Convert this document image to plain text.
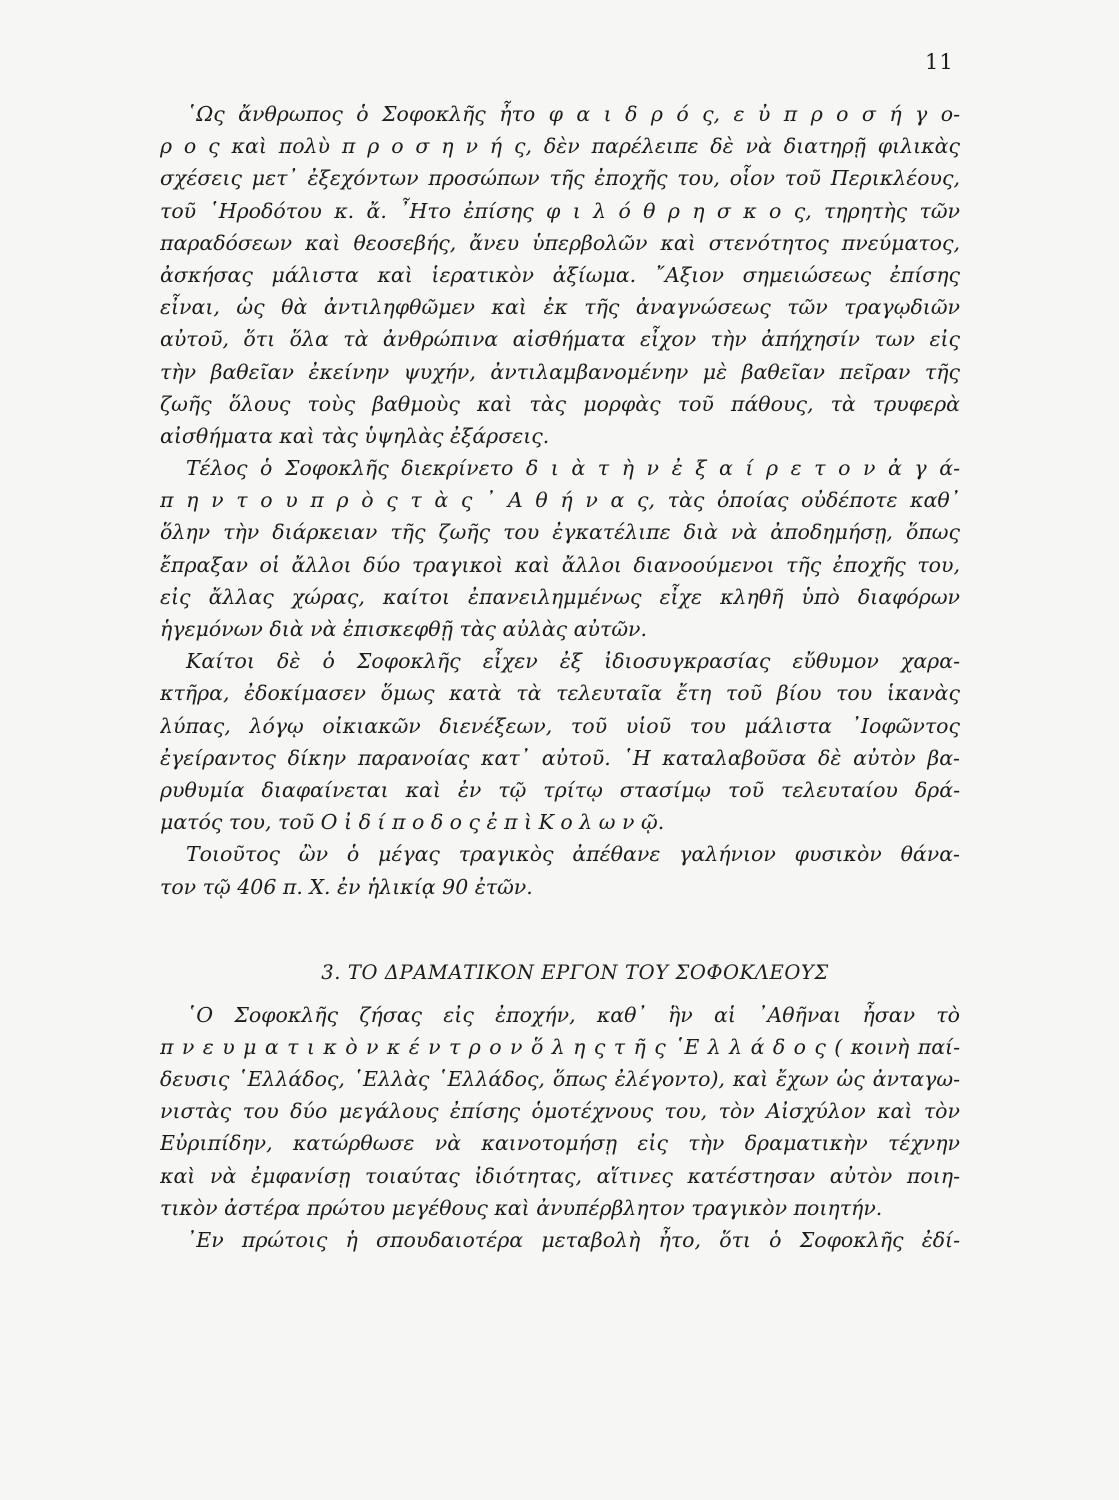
11
῾Ως ἄνθρωπος ὁ Σοφοκλῆς ἦτο φ α ι δ ρ ό ς, ε ὐ π ρ ο σ ή γ ο-
ρ ο ς καὶ πολὺ π ρ ο σ η ν ή ς, δὲν παρέλειπε δὲ νὰ διατηρῇ φιλικὰς
σχέσεις μετ᾽ ἐξεχόντων προσώπων τῆς ἐποχῆς του, οἷον τοῦ Περικλέους,
τοῦ ῾Ηροδότου κ. ἄ. ῏Ητο ἐπίσης φ ι λ ό θ ρ η σ κ ο ς, τηρητὴς τῶν
παραδόσεων καὶ θεοσεβής, ἄνευ ὑπερβολῶν καὶ στενότητος πνεύματος,
ἀσκήσας μάλιστα καὶ ἱερατικὸν ἀξίωμα. ῎Αξιον σημειώσεως ἐπίσης
εἶναι, ὡς θὰ ἀντιληφθῶμεν καὶ ἐκ τῆς ἀναγνώσεως τῶν τραγῳδιῶν
αὐτοῦ, ὅτι ὅλα τὰ ἀνθρώπινα αἰσθήματα εἶχον τὴν ἀπήχησίν των εἰς
τὴν βαθεῖαν ἐκείνην ψυχήν, ἀντιλαμβανομένην μὲ βαθεῖαν πεῖραν τῆς
ζωῆς ὅλους τοὺς βαθμοὺς καὶ τὰς μορφὰς τοῦ πάθους, τὰ τρυφερὰ
αἰσθήματα καὶ τὰς ὑψηλὰς ἐξάρσεις.
Τέλος ὁ Σοφοκλῆς διεκρίνετο δ ι ὰ τ ὴ ν ἐ ξ α ί ρ ε τ ο ν ἀ γ ά-
π η ν τ ο υ π ρ ὸ ς τ ὰ ς ᾽ Α θ ή ν α ς, τὰς ὁποίας οὐδέποτε καθ᾽
ὅλην τὴν διάρκειαν τῆς ζωῆς του ἐγκατέλιπε διὰ νὰ ἀποδημήσῃ, ὅπως
ἔπραξαν οἱ ἄλλοι δύο τραγικοὶ καὶ ἄλλοι διανοούμενοι τῆς ἐποχῆς του,
εἰς ἄλλας χώρας, καίτοι ἐπανειλημμένως εἶχε κληθῆ ὑπὸ διαφόρων
ἡγεμόνων διὰ νὰ ἐπισκεφθῇ τὰς αὐλὰς αὐτῶν.
Καίτοι δὲ ὁ Σοφοκλῆς εἶχεν ἐξ ἰδιοσυγκρασίας εὔθυμον χαρα-
κτῆρα, ἐδοκίμασεν ὅμως κατὰ τὰ τελευταῖα ἔτη τοῦ βίου του ἱκανὰς
λύπας, λόγῳ οἰκιακῶν διενέξεων, τοῦ υἱοῦ του μάλιστα ᾽Ιοφῶντος
ἐγείραντος δίκην παρανοίας κατ᾽ αὐτοῦ. ῾Η καταλαβοῦσα δὲ αὐτὸν βα-
ρυθυμία διαφαίνεται καὶ ἐν τῷ τρίτῳ στασίμῳ τοῦ τελευταίου δρά-
ματός του, τοῦ Ο ἰ δ ί π ο δ ο ς ἐ π ὶ Κ ο λ ω ν ῷ.
Τοιοῦτος ὢν ὁ μέγας τραγικὸς ἀπέθανε γαλήνιον φυσικὸν θάνα-
τον τῷ 406 π. Χ. ἐν ἡλικίᾳ 90 ἐτῶν.
3. ΤΟ ΔΡΑΜΑΤΙΚΟΝ ΕΡΓΟΝ ΤΟΥ ΣΟΦΟΚΛΕΟΥΣ
῾Ο Σοφοκλῆς ζήσας εἰς ἐποχήν, καθ᾽ ἣν αἱ ᾽Αθῆναι ἦσαν τὸ
π ν ε υ μ α τ ι κ ὸ ν κ έ ν τ ρ ο ν ὅ λ η ς τ ῆ ς ῾Ε λ λ ά δ ο ς ( κοινὴ παί-
δευσις ῾Ελλάδος, ῾Ελλὰς ῾Ελλάδος, ὅπως ἐλέγοντο), καὶ ἔχων ὡς ἀνταγω-
νιστὰς του δύο μεγάλους ἐπίσης ὁμοτέχνους του, τὸν Αἰσχύλον καὶ τὸν
Εὐριπίδην, κατώρθωσε νὰ καινοτομήσῃ εἰς τὴν δραματικὴν τέχνην
καὶ νὰ ἐμφανίσῃ τοιαύτας ἰδιότητας, αἵτινες κατέστησαν αὐτὸν ποιη-
τικὸν ἀστέρα πρώτου μεγέθους καὶ ἀνυπέρβλητον τραγικὸν ποιητήν.
᾽Εν πρώτοις ἡ σπουδαιοτέρα μεταβολὴ ἦτο, ὅτι ὁ Σοφοκλῆς ἐδί-
